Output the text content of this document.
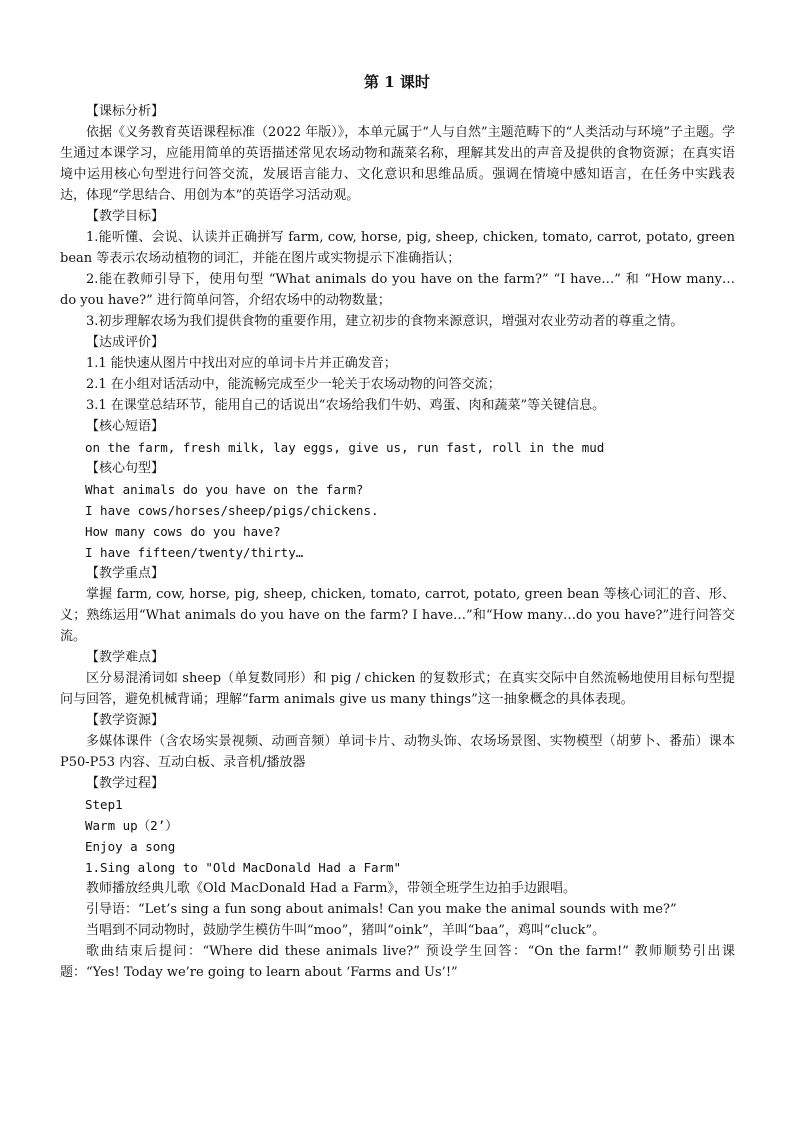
第 1 课时

【课标分析】

依据《义务教育英语课程标准（2022 年版）》，本单元属于“人与自然”主题范畴下的“人类活动与环境”子主题。学生通过本课学习，应能用简单的英语描述常见农场动物和蔬菜名称，理解其发出的声音及提供的食物资源；在真实语境中运用核心句型进行问答交流，发展语言能力、文化意识和思维品质。强调在情境中感知语言，在任务中实践表达，体现“学思结合、用创为本”的英语学习活动观。

【教学目标】

1.能听懂、会说、认读并正确拼写 farm, cow, horse, pig, sheep, chicken, tomato, carrot, potato, green bean 等表示农场动植物的词汇，并能在图片或实物提示下准确指认；

2.能在教师引导下，使用句型 “What animals do you have on the farm?” “I have…” 和 “How many… do you have?” 进行简单问答，介绍农场中的动物数量；

3.初步理解农场为我们提供食物的重要作用，建立初步的食物来源意识，增强对农业劳动者的尊重之情。

【达成评价】

1.1 能快速从图片中找出对应的单词卡片并正确发音；

2.1 在小组对话活动中，能流畅完成至少一轮关于农场动物的问答交流；

3.1 在课堂总结环节，能用自己的话说出“农场给我们牛奶、鸡蛋、肉和蔬菜”等关键信息。

【核心短语】

on the farm, fresh milk, lay eggs, give us, run fast, roll in the mud

【核心句型】

What animals do you have on the farm?

I have cows/horses/sheep/pigs/chickens.

How many cows do you have?

I have fifteen/twenty/thirty…

【教学重点】

掌握 farm, cow, horse, pig, sheep, chicken, tomato, carrot, potato, green bean 等核心词汇的音、形、义；熟练运用“What animals do you have on the farm? I have…”和“How many…do you have?”进行问答交流。

【教学难点】

区分易混淆词如 sheep（单复数同形）和 pig / chicken 的复数形式；在真实交际中自然流畅地使用目标句型提问与回答，避免机械背诵；理解“farm animals give us many things”这一抽象概念的具体表现。

【教学资源】

多媒体课件（含农场实景视频、动画音频）单词卡片、动物头饰、农场场景图、实物模型（胡萝卜、番茄）课本 P50-P53 内容、互动白板、录音机/播放器

【教学过程】

Step1

Warm up（2’）

Enjoy a song

1.Sing along to "Old MacDonald Had a Farm"

教师播放经典儿歌《Old MacDonald Had a Farm》，带领全班学生边拍手边跟唱。

引导语：“Let’s sing a fun song about animals! Can you make the animal sounds with me?”

当唱到不同动物时，鼓励学生模仿牛叫“moo”，猪叫“oink”，羊叫“baa”，鸡叫“cluck”。

歌曲结束后提问：“Where did these animals live?” 预设学生回答：“On the farm!” 教师顺势引出课题：“Yes! Today we’re going to learn about ‘Farms and Us’!”
